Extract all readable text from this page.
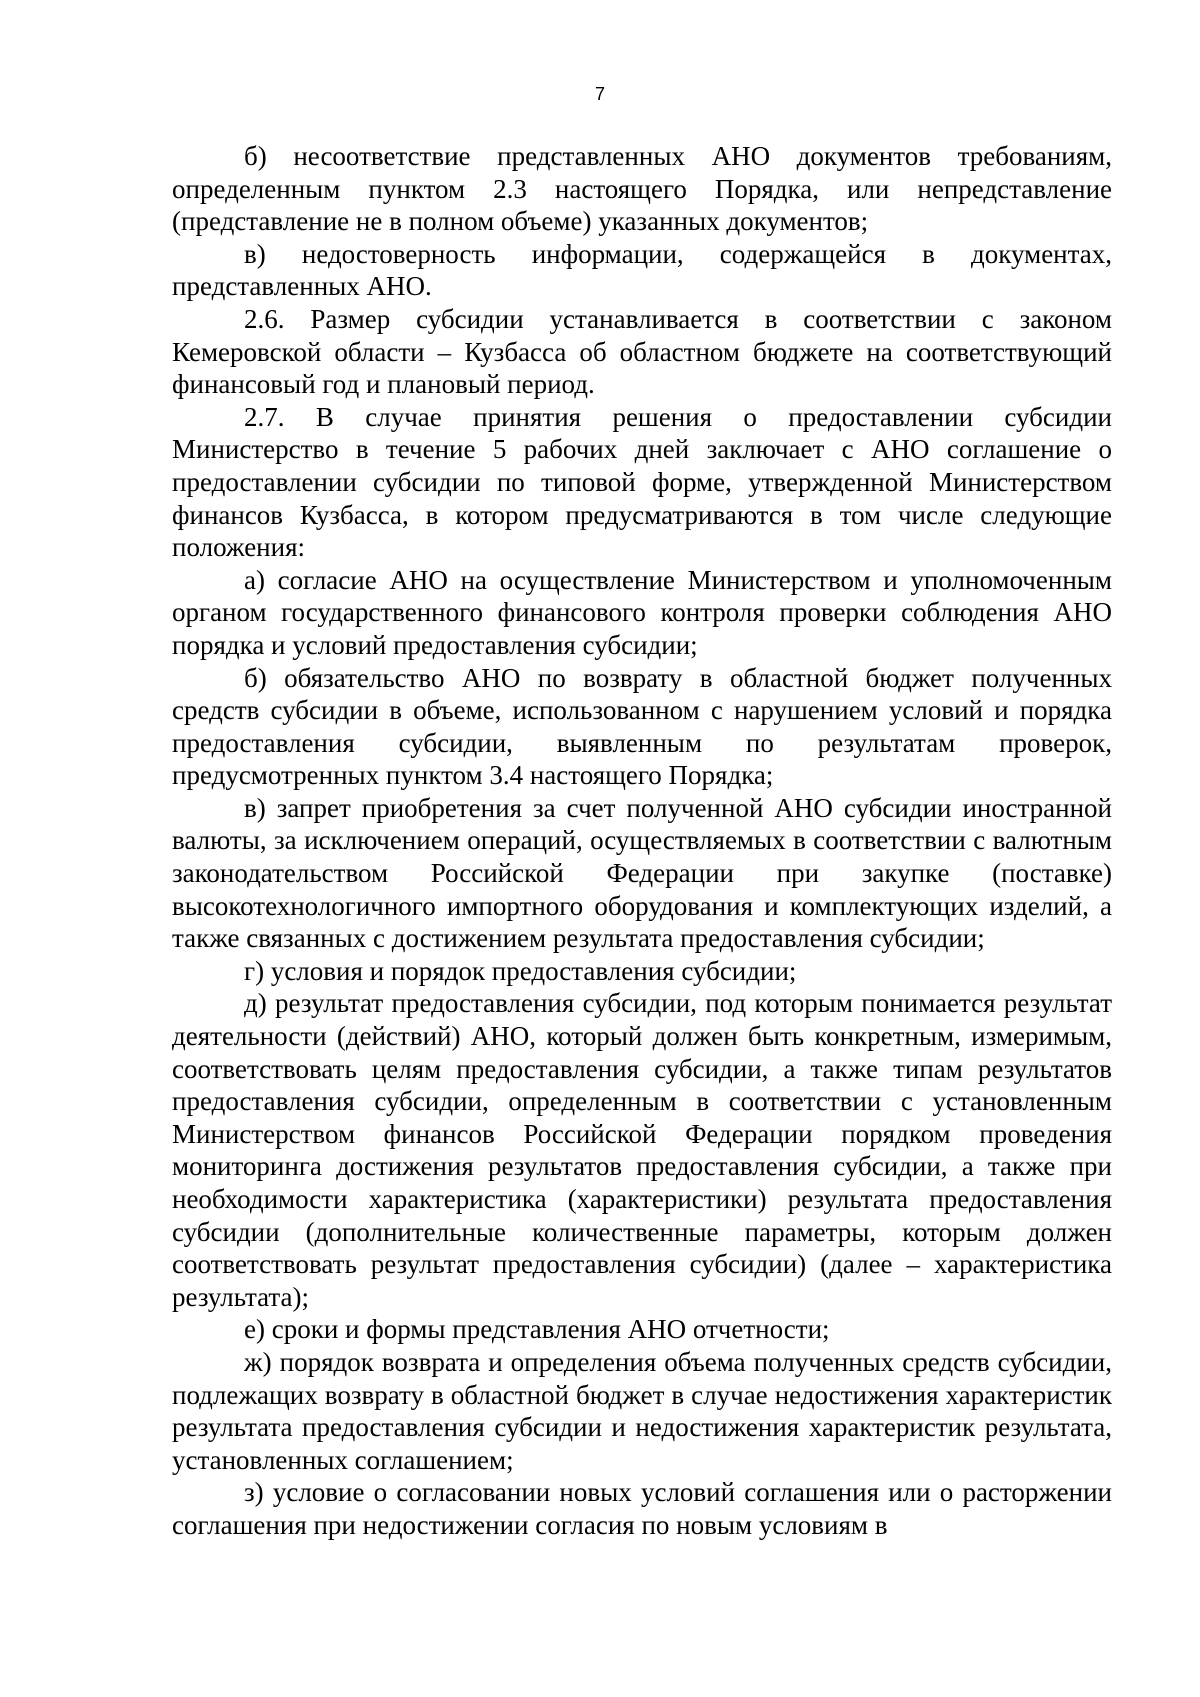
7

б) несоответствие представленных АНО документов требованиям, определенным пунктом 2.3 настоящего Порядка, или непредставление (представление не в полном объеме) указанных документов;

в) недостоверность информации, содержащейся в документах, представленных АНО.

2.6. Размер субсидии устанавливается в соответствии с законом Кемеровской области – Кузбасса об областном бюджете на соответствующий финансовый год и плановый период.

2.7. В случае принятия решения о предоставлении субсидии Министерство в течение 5 рабочих дней заключает с АНО соглашение о предоставлении субсидии по типовой форме, утвержденной Министерством финансов Кузбасса, в котором предусматриваются в том числе следующие положения:

а) согласие АНО на осуществление Министерством и уполномоченным органом государственного финансового контроля проверки соблюдения АНО порядка и условий предоставления субсидии;

б) обязательство АНО по возврату в областной бюджет полученных средств субсидии в объеме, использованном с нарушением условий и порядка предоставления субсидии, выявленным по результатам проверок, предусмотренных пунктом 3.4 настоящего Порядка;

в) запрет приобретения за счет полученной АНО субсидии иностранной валюты, за исключением операций, осуществляемых в соответствии с валютным законодательством Российской Федерации при закупке (поставке) высокотехнологичного импортного оборудования и комплектующих изделий, а также связанных с достижением результата предоставления субсидии;

г) условия и порядок предоставления субсидии;

д) результат предоставления субсидии, под которым понимается результат деятельности (действий) АНО, который должен быть конкретным, измеримым, соответствовать целям предоставления субсидии, а также типам результатов предоставления субсидии, определенным в соответствии с установленным Министерством финансов Российской Федерации порядком проведения мониторинга достижения результатов предоставления субсидии, а также при необходимости характеристика (характеристики) результата предоставления субсидии (дополнительные количественные параметры, которым должен соответствовать результат предоставления субсидии) (далее – характеристика результата);

е) сроки и формы представления АНО отчетности;

ж) порядок возврата и определения объема полученных средств субсидии, подлежащих возврату в областной бюджет в случае недостижения характеристик результата предоставления субсидии и недостижения характеристик результата, установленных соглашением;

з) условие о согласовании новых условий соглашения или о расторжении соглашения при недостижении согласия по новым условиям в
